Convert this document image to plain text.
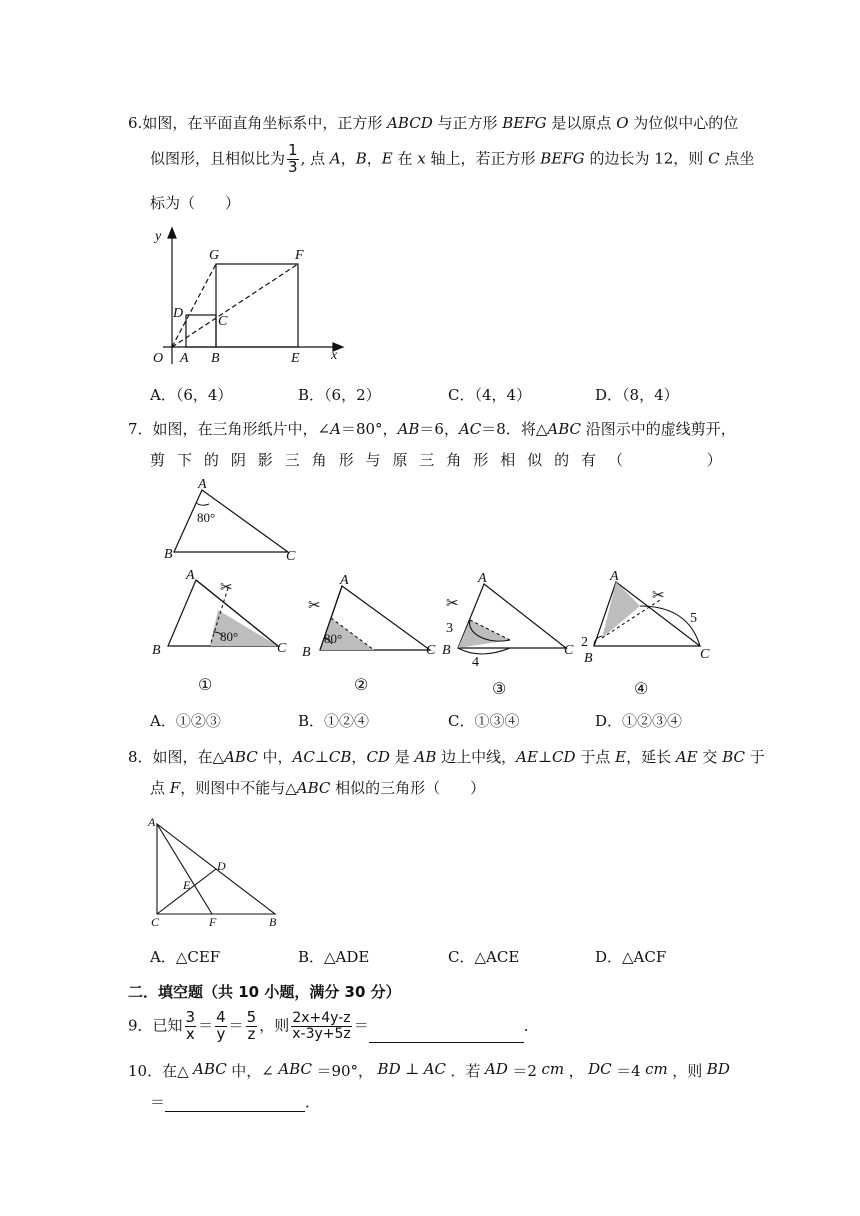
6.如图，在平面直角坐标系中，正方形 ABCD 与正方形 BEFG 是以原点 O 为位似中心的位
似图形，且相似比为 $\frac{1}{3}$ , 点 A，B，E 在 x 轴上，若正方形 BEFG 的边长为 12，则 C 点坐
标为（　　）
y
x
O A B	E
G	F
D
C
A．（6，4）	B．（6，2）	C．（4，4）	D．（8，4）
7．如图，在三角形纸片中，∠A＝80°，AB＝6，AC＝8．将△ABC 沿图示中的虚线剪开，
剪 下 的 阴 影 三 角 形 与 原 三 角 形 相 似 的 有 （	）
A
B	C
80°
✂
80°
A
B	C
①
✂
80°
A
B	C
②
✂
A
B	C
3
4
③
✂
A
B	C
2
5
④
A．①②③	B．①②④	C．①③④	D．①②③④
8．如图，在△ABC 中，AC⊥CB，CD 是 AB 边上中线，AE⊥CD 于点 E，延长 AE 交 BC 于
点 F，则图中不能与△ABC 相似的三角形（　　）
A
D
E
C	F	B
A．△CEF	B．△ADE	C．△ACE	D．△ACF
二．填空题（共 10 小题，满分 30 分）
9．已知 $\frac{3}{x} = \frac{4}{y} = \frac{5}{z}$ ，则 $\frac{2x+4y-z}{x-3y+5z}$ ＝	．
10．在△ ABC 中，∠ ABC ＝90°， BD ⊥ AC ．若 AD ＝2 cm ， DC ＝4 cm ，则 BD
＝	．
